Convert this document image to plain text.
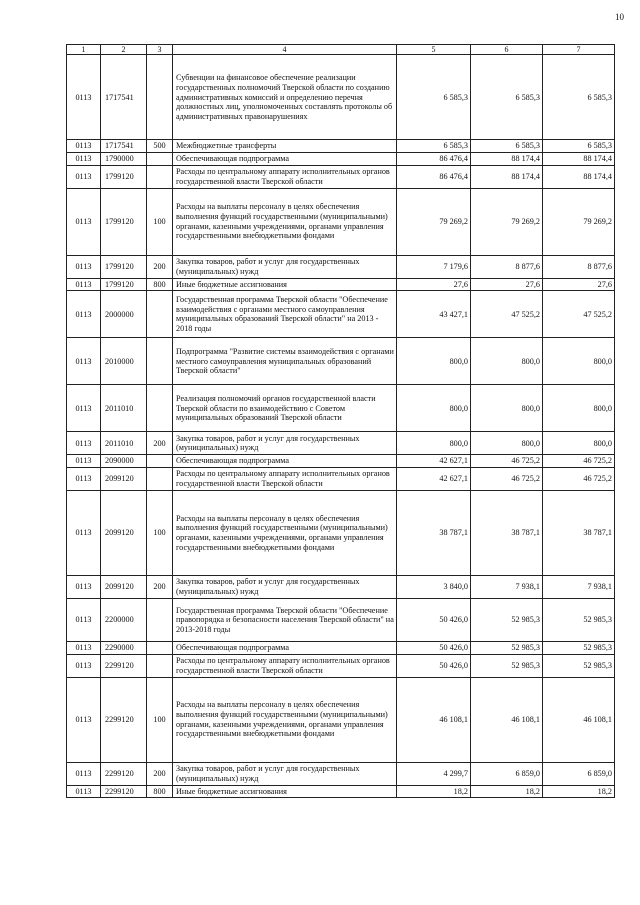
10
1	2	3	4	5	6	7
0113	1717541		Субвенции на финансовое обеспечение реализации государственных полномочий Тверской области по созданию административных комиссий и определению перечня должностных лиц, уполномоченных составлять протоколы об административных правонарушениях	6 585,3	6 585,3	6 585,3
0113	1717541	500	Межбюджетные трансферты	6 585,3	6 585,3	6 585,3
0113	1790000		Обеспечивающая подпрограмма	86 476,4	88 174,4	88 174,4
0113	1799120		Расходы по центральному аппарату исполнительных органов государственной власти Тверской области	86 476,4	88 174,4	88 174,4
0113	1799120	100	Расходы на выплаты персоналу в целях обеспечения выполнения функций государственными (муниципальными) органами, казенными учреждениями, органами управления государственными внебюджетными фондами	79 269,2	79 269,2	79 269,2
0113	1799120	200	Закупка товаров, работ и услуг для государственных (муниципальных) нужд	7 179,6	8 877,6	8 877,6
0113	1799120	800	Иные бюджетные ассигнования	27,6	27,6	27,6
0113	2000000		Государственная программа Тверской области "Обеспечение взаимодействия с органами местного самоуправления муниципальных образований Тверской области" на 2013 - 2018 годы	43 427,1	47 525,2	47 525,2
0113	2010000		Подпрограмма "Развитие системы взаимодействия с органами местного самоуправления муниципальных образований Тверской области"	800,0	800,0	800,0
0113	2011010		Реализация полномочий органов государственной власти Тверской области по взаимодействию с Советом муниципальных образований Тверской области	800,0	800,0	800,0
0113	2011010	200	Закупка товаров, работ и услуг для государственных (муниципальных) нужд	800,0	800,0	800,0
0113	2090000		Обеспечивающая подпрограмма	42 627,1	46 725,2	46 725,2
0113	2099120		Расходы по центральному аппарату исполнительных органов государственной власти Тверской области	42 627,1	46 725,2	46 725,2
0113	2099120	100	Расходы на выплаты персоналу в целях обеспечения выполнения функций государственными (муниципальными) органами, казенными учреждениями, органами управления государственными внебюджетными фондами	38 787,1	38 787,1	38 787,1
0113	2099120	200	Закупка товаров, работ и услуг для государственных (муниципальных) нужд	3 840,0	7 938,1	7 938,1
0113	2200000		Государственная программа Тверской области "Обеспечение правопорядка и безопасности населения Тверской области" на 2013-2018 годы	50 426,0	52 985,3	52 985,3
0113	2290000		Обеспечивающая подпрограмма	50 426,0	52 985,3	52 985,3
0113	2299120		Расходы по центральному аппарату исполнительных органов государственной власти Тверской области	50 426,0	52 985,3	52 985,3
0113	2299120	100	Расходы на выплаты персоналу в целях обеспечения выполнения функций государственными (муниципальными) органами, казенными учреждениями, органами управления государственными внебюджетными фондами	46 108,1	46 108,1	46 108,1
0113	2299120	200	Закупка товаров, работ и услуг для государственных (муниципальных) нужд	4 299,7	6 859,0	6 859,0
0113	2299120	800	Иные бюджетные ассигнования	18,2	18,2	18,2
